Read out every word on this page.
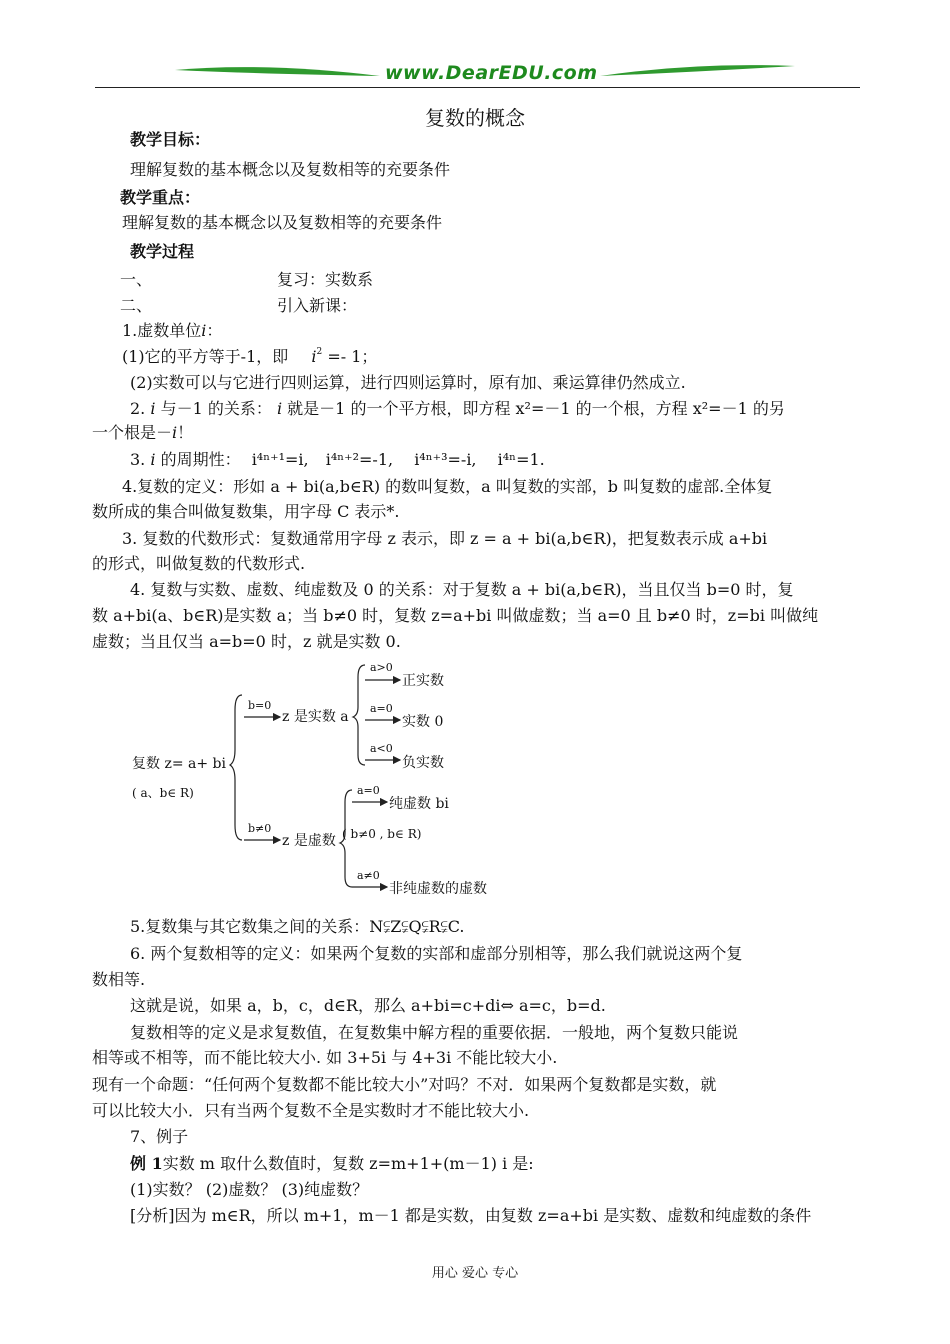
www.DearEDU.com
复数的概念
教学目标：
理解复数的基本概念以及复数相等的充要条件
教学重点：
理解复数的基本概念以及复数相等的充要条件
教学过程
一、	复习：实数系
二、	引入新课：
1.虚数单位i：
(1)它的平方等于-1，即 $i^2 =- 1$；
(2)实数可以与它进行四则运算，进行四则运算时，原有加、乘运算律仍然成立.
2. i 与－1 的关系： i 就是－1 的一个平方根，即方程 x²=－1 的一个根，方程 x²=－1 的另
一个根是－i！
3. i 的周期性： i⁴ⁿ⁺¹=i, i⁴ⁿ⁺²=-1, i⁴ⁿ⁺³=-i, i⁴ⁿ=1.
4.复数的定义：形如 a + bi(a,b∈R) 的数叫复数，a 叫复数的实部，b 叫复数的虚部.全体复
数所成的集合叫做复数集，用字母 C 表示*.
3. 复数的代数形式：复数通常用字母 z 表示，即 z = a + bi(a,b∈R)，把复数表示成 a+bi
的形式，叫做复数的代数形式.
4. 复数与实数、虚数、纯虚数及 0 的关系：对于复数 a + bi(a,b∈R)，当且仅当 b=0 时，复
数 a+bi(a、b∈R)是实数 a；当 b≠0 时，复数 z=a+bi 叫做虚数；当 a=0 且 b≠0 时，z=bi 叫做纯
虚数；当且仅当 a=b=0 时，z 就是实数 0.
复数 z= a+ bi
( a、b∈ R)
b=0
z 是实数 a
b≠0
z 是虚数
a>0
正实数
a=0
实数 0
a<0
负实数
a=0
纯虚数 bi
( b≠0 , b∈ R)
a≠0
非纯虚数的虚数
5.复数集与其它数集之间的关系：N⫋Z⫋Q⫋R⫋C.
6. 两个复数相等的定义：如果两个复数的实部和虚部分别相等，那么我们就说这两个复
数相等.
这就是说，如果 a，b，c，d∈R，那么 a+bi=c+di⇔ a=c，b=d.
复数相等的定义是求复数值，在复数集中解方程的重要依据．一般地，两个复数只能说
相等或不相等，而不能比较大小. 如 3+5i 与 4+3i 不能比较大小.
现有一个命题：“任何两个复数都不能比较大小”对吗？不对．如果两个复数都是实数，就
可以比较大小．只有当两个复数不全是实数时才不能比较大小.
7、例子
例 1实数 m 取什么数值时，复数 z=m+1+(m－1) i 是:
(1)实数？ (2)虚数？ (3)纯虚数？
[分析]因为 m∈R，所以 m+1，m－1 都是实数，由复数 z=a+bi 是实数、虚数和纯虚数的条件
用心 爱心 专心
